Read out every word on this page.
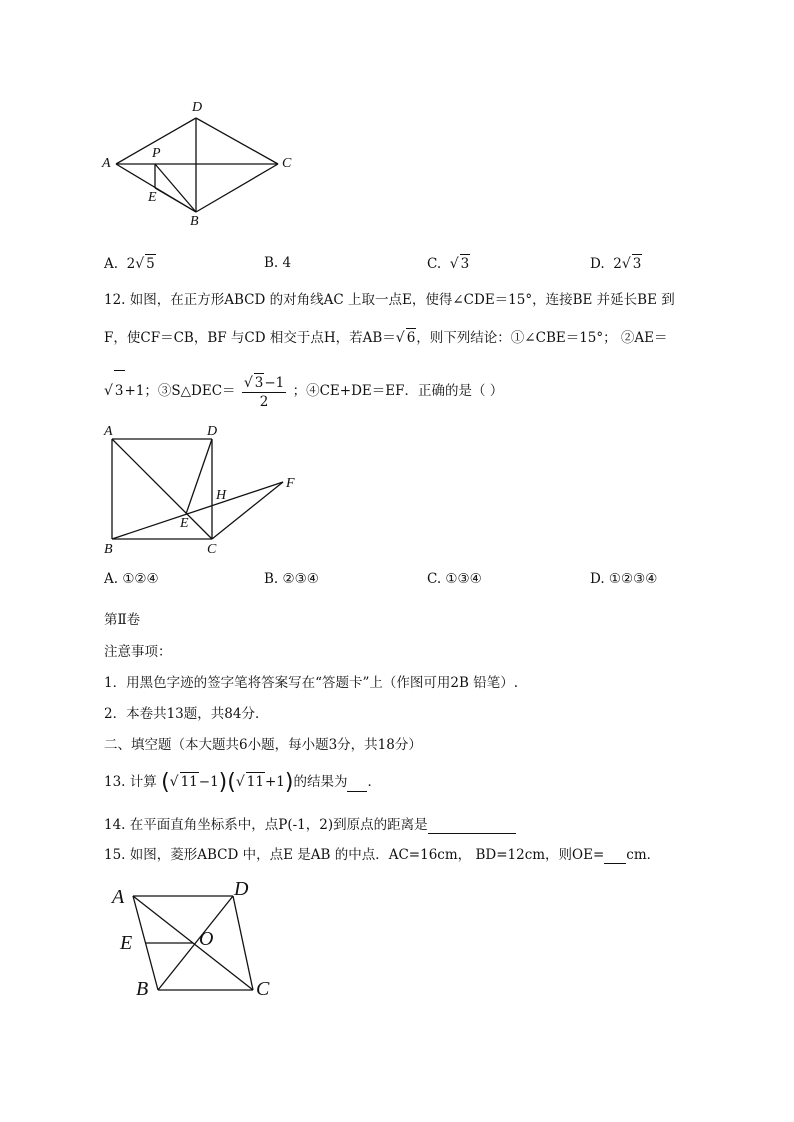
D
A
P
C
E
B
A. 2√ 5	B. 4	C. √ 3	D. 2√ 3
12. 如图，在正方形ABCD 的对角线AC 上取一点E，使得∠CDE＝15°，连接BE 并延长BE 到
F，使CF＝CB，BF 与CD 相交于点H，若AB＝√ 6，则下列结论：①∠CBE＝15°； ②AE＝
√ 3+1；③S△DEC＝ $\frac{√ 3-1}{2}$ ；④CE+DE＝EF．正确的是（ ）
A	D
H
F
E
B	C
A. ①②④	B. ②③④	C. ①③④	D. ①②③④
第Ⅱ卷
注意事项：
1．用黑色字迹的签字笔将答案写在“答题卡”上（作图可用2B 铅笔）.
2．本卷共13题，共84分．
二、填空题（本大题共6小题，每小题3分，共18分）
13. 计算 (√ 11−1)(√ 11+1)的结果为 ．
14. 在平面直角坐标系中，点P(-1，2)到原点的距离是
15. 如图，菱形ABCD 中，点E 是AB 的中点．AC=16cm， BD=12cm，则OE= cm．
A	D
E	O
B	C
